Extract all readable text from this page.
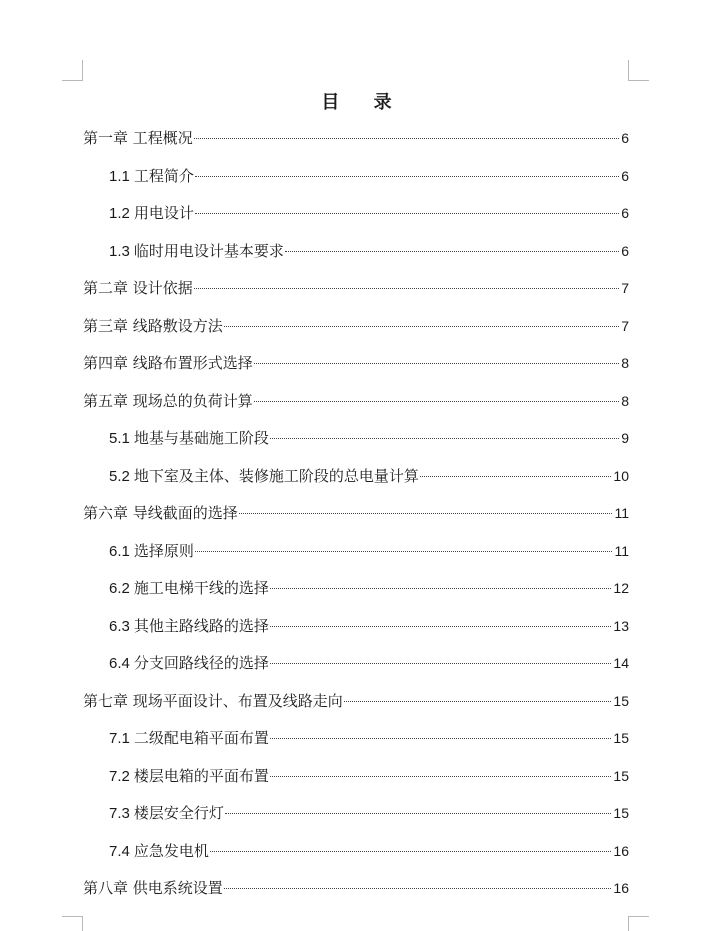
目 录
第一章 工程概况	6
1.1 工程简介	6
1.2 用电设计	6
1.3 临时用电设计基本要求	6
第二章 设计依据	7
第三章 线路敷设方法	7
第四章 线路布置形式选择	8
第五章 现场总的负荷计算	8
5.1 地基与基础施工阶段	9
5.2 地下室及主体、装修施工阶段的总电量计算	10
第六章 导线截面的选择	11
6.1 选择原则	11
6.2 施工电梯干线的选择	12
6.3 其他主路线路的选择	13
6.4 分支回路线径的选择	14
第七章 现场平面设计、布置及线路走向	15
7.1 二级配电箱平面布置	15
7.2 楼层电箱的平面布置	15
7.3 楼层安全行灯	15
7.4 应急发电机	16
第八章 供电系统设置	16
